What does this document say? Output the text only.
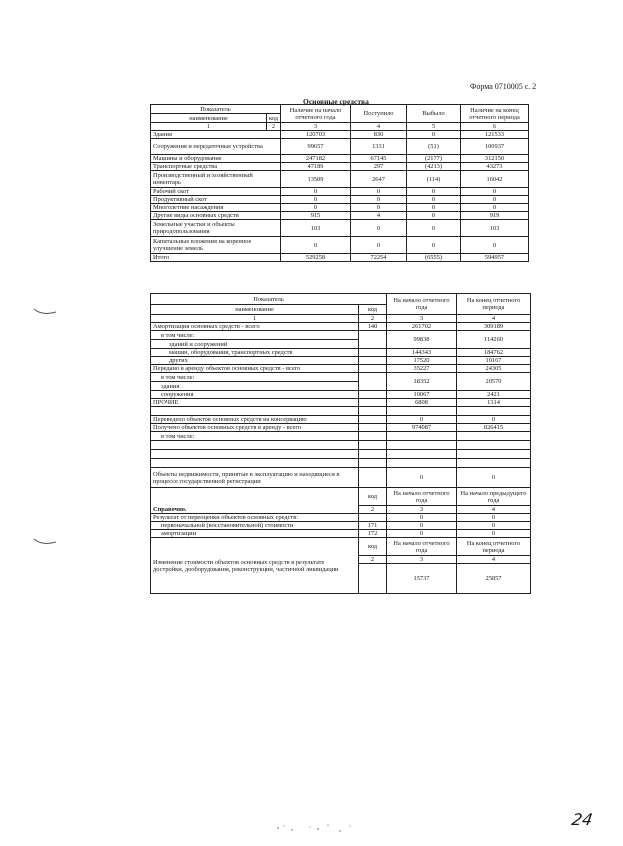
Форма 0710005 с. 2
Основные средства
Показатель		Наличие на начало отчетного года	Поступило	Выбыло	Наличие на конец отчетного периода
наименование	код				
1	2	3	4	5	6
Здания		120703	830	0	121533
Сооружения и передаточные устройства		99657	1331	(51)	100937
Машины и оборудование		247182	67145	(2177)	312150
Транспортные средства		47189	297	(4213)	43273
Производственный и хозяйственный инвентарь		13509	2647	(114)	16042
Рабочий скот		0	0	0	0
Продуктивный скот		0	0	0	0
Многолетние насаждения		0	0	0	0
Другие виды основных средств		915	4	0	919
Земельные участки и объекты природопользования		103	0	0	103
Капитальные вложения на коренное улучшение земель		0	0	0	0
Итого		529258	72254	(6555)	594957
Показатель		На начало отчетного года	На конец отчетного периода
наименование	код		
1	2	3	4
Амортизация основных средств - всего	140	261702	309189
в том числе:		99838	114260
зданий и сооружений			
машин, оборудования, транспортных средств		144343	184762
других		17520	10167
Передано в аренду объектов основных средств - всего		35227	24305
в том числе:		18352	20570
здания			
сооружения		10067	2421
ПРОЧИЕ		6808	1314

Переведено объектов основных средств на консервацию		0	0
Получено объектов основных средств в аренду - всего		974087	826415
в том числе:			

Объекты недвижимости, принятые в эксплуатацию и находящиеся в процессе государственной регистрации		0	0
Справочно.	код	На начало отчетного года	На начало предыдущего года
	2	3	4
Результат от переоценки объектов основных средств:		0	0
первоначальной (восстановительной) стоимости	171	0	0
амортизации	172	0	0
Изменение стоимости объектов основных средств в результате достройки, дооборудования, реконструкции, частичной ликвидации	код	На начало отчетного года	На конец отчетного периода
	2	3	4
		15737	25857
24
